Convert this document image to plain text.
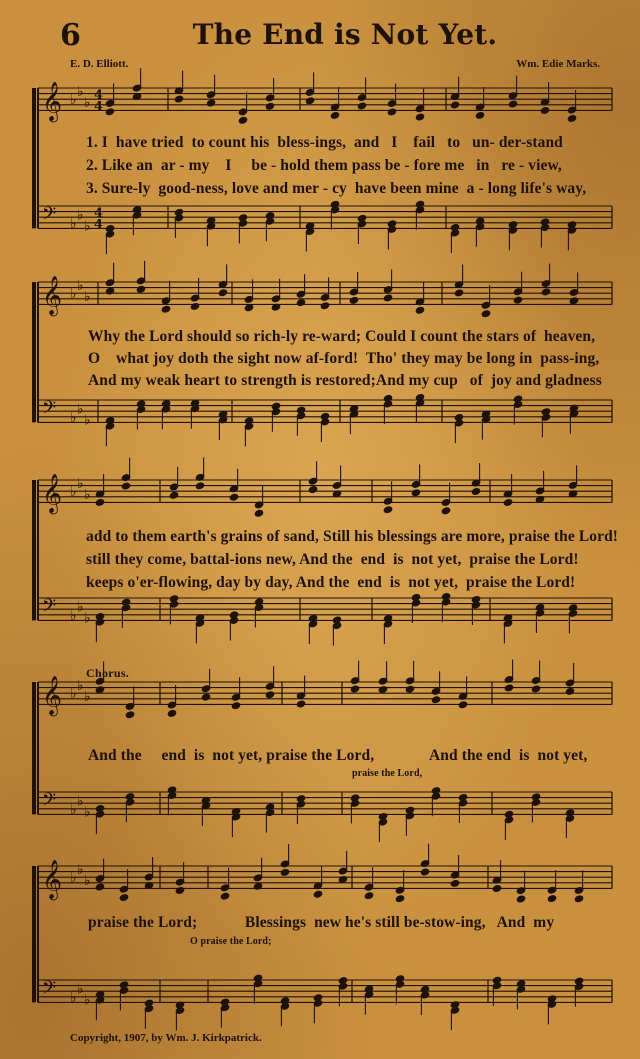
6	The End is Not Yet.
E. D. Elliott.	Wm. Edie Marks.
𝄞 ♭
♭
♭ 4
4
𝄢 ♭
♭
♭
4
4
𝄞 ♭
♭
♭
𝄢 ♭
♭
♭
𝄞 ♭
♭
♭
𝄢 ♭
♭
♭
𝄞 ♭
♭
♭
𝄢 ♭
♭
♭
𝄞 ♭
♭
♭
𝄢 ♭
♭
♭
1. I  have tried  to count his  bless-ings,  and   I    fail   to   un- der-stand
2. Like an  ar - my    I     be - hold them pass be - fore me   in   re - view,
3. Sure-ly  good-ness, love and mer - cy  have been mine  a - long life's way,
Why the Lord should so rich-ly re-ward; Could I count the stars of  heaven,
O    what joy doth the sight now af-ford!  Tho' they may be long in  pass-ing,
And my weak heart to strength is restored;And my cup   of  joy and gladness
add to them earth's grains of sand, Still his blessings are more, praise the Lord!
still they come, battal-ions new, And the  end  is  not yet,  praise the Lord!
keeps o'er-flowing, day by day, And the  end  is  not yet,  praise the Lord!
Chorus.
And the     end  is  not yet, praise the Lord,              And the end  is  not yet,
praise the Lord,
praise the Lord;            Blessings  new he's still be-stow-ing,   And  my
O praise the Lord;
Copyright, 1907, by Wm. J. Kirkpatrick.
